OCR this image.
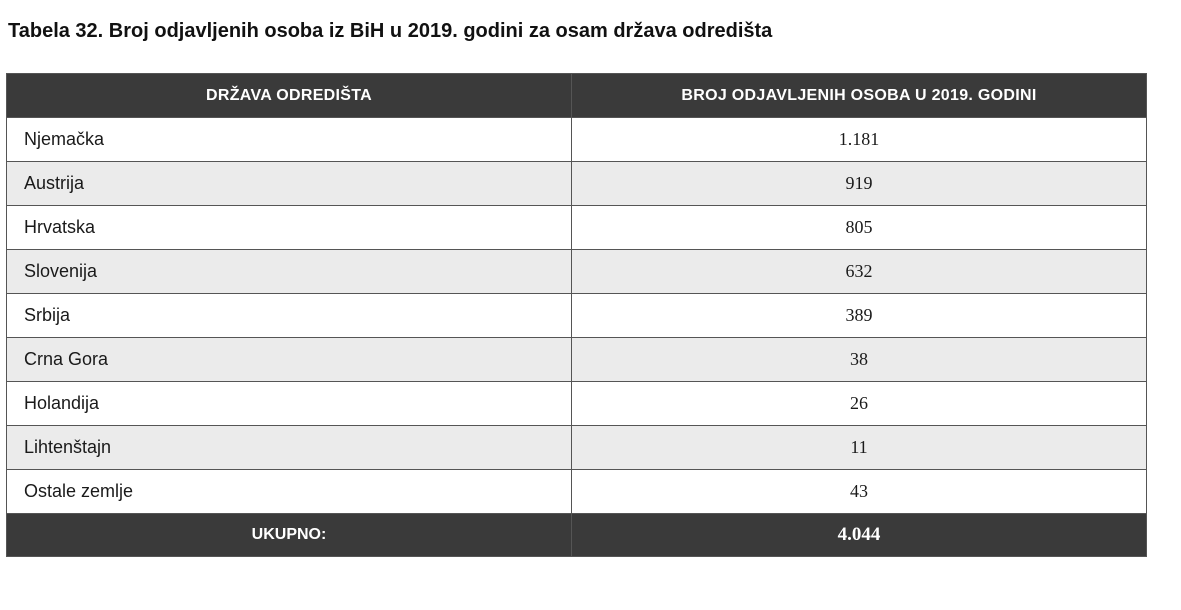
Tabela 32. Broj odjavljenih osoba iz BiH u 2019. godini za osam država odredišta
DRŽAVA ODREDIŠTA	BROJ ODJAVLJENIH OSOBA U 2019. GODINI
Njemačka	1.181
Austrija	919
Hrvatska	805
Slovenija	632
Srbija	389
Crna Gora	38
Holandija	26
Lihtenštajn	11
Ostale zemlje	43
UKUPNO:	4.044
